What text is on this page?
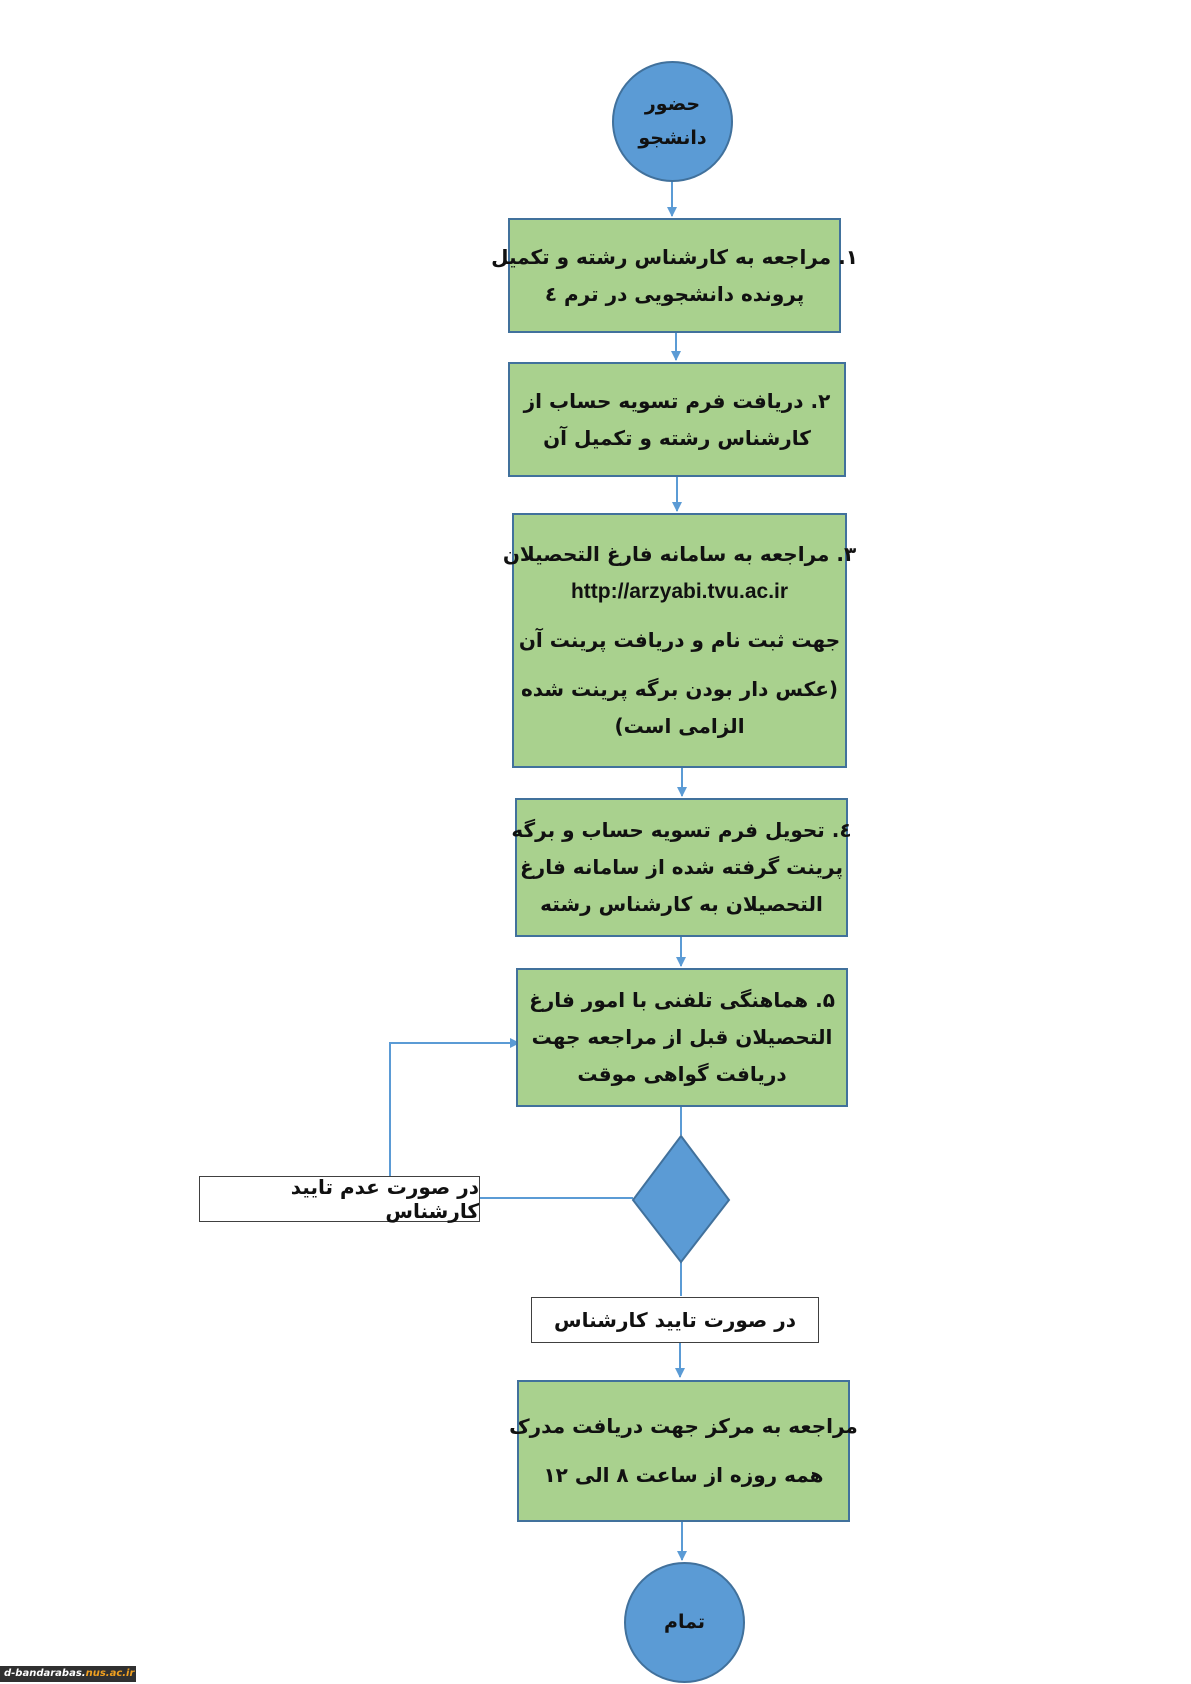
حضور
دانشجو
۱. مراجعه به کارشناس رشته و تکمیل
پرونده دانشجویی در ترم ٤
۲. دریافت فرم تسویه حساب از
کارشناس رشته و تکمیل آن
۳. مراجعه به سامانه فارغ التحصیلان
http://arzyabi.tvu.ac.ir
جهت ثبت نام و دریافت پرینت آن
(عکس دار بودن برگه پرینت شده
الزامی است)
٤. تحویل فرم تسویه حساب و برگه
پرینت گرفته شده از سامانه فارغ
التحصیلان به کارشناس رشته
۵. هماهنگی تلفنی با امور فارغ
التحصیلان قبل از مراجعه جهت
دریافت گواهی موقت
در صورت عدم تایید کارشناس
در صورت تایید کارشناس
مراجعه به مرکز جهت دریافت مدرک
همه روزه از ساعت ۸ الی ۱۲
تمام
d-bandarabas.nus.ac.ir
